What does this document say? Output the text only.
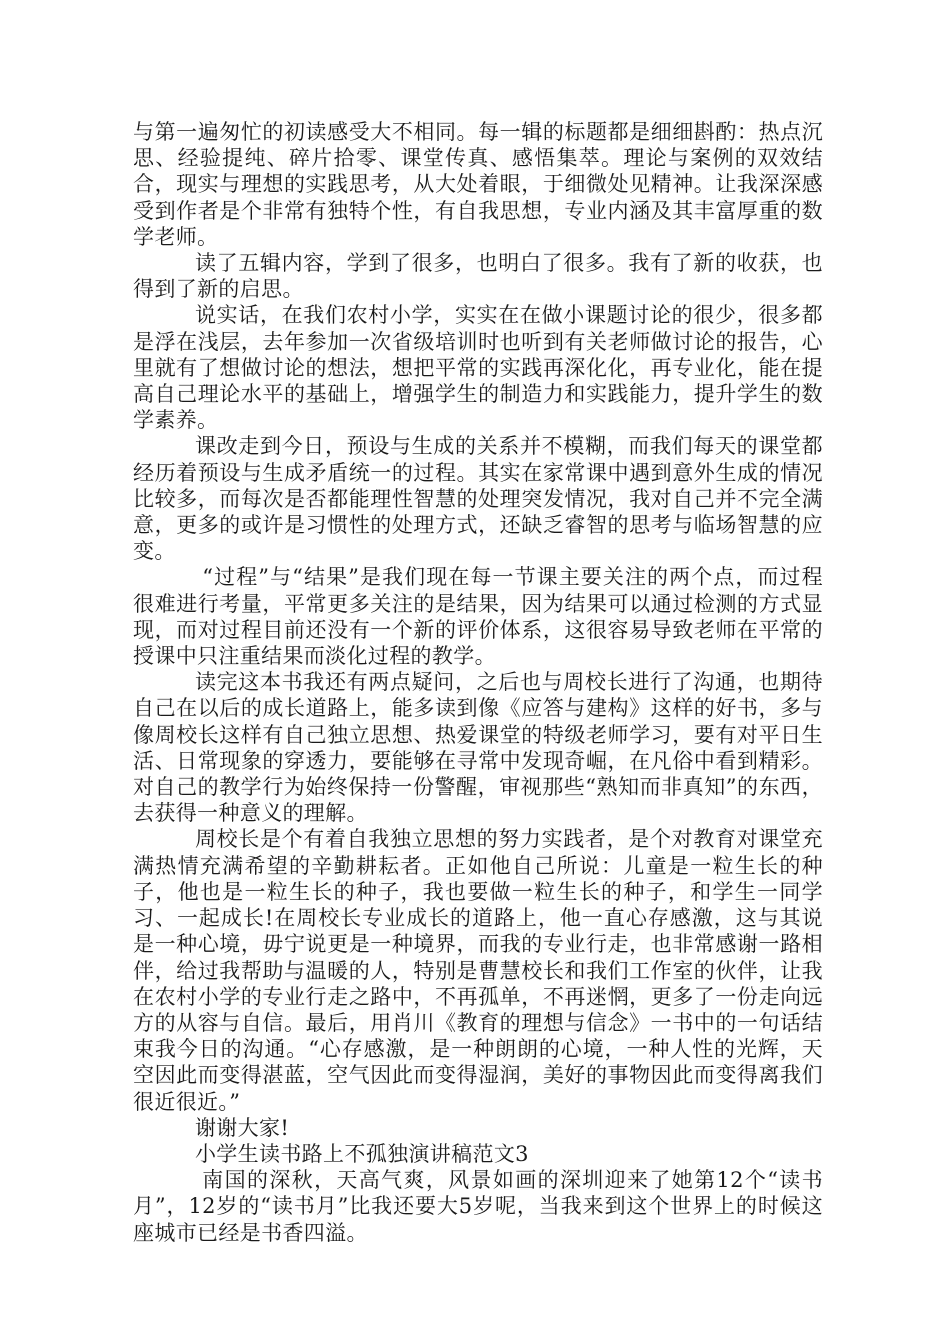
与第一遍匆忙的初读感受大不相同。每一辑的标题都是细细斟酌：热点沉思、经验提纯、碎片拾零、课堂传真、感悟集萃。理论与案例的双效结合，现实与理想的实践思考，从大处着眼，于细微处见精神。让我深深感受到作者是个非常有独特个性，有自我思想，专业内涵及其丰富厚重的数学老师。

读了五辑内容，学到了很多，也明白了很多。我有了新的收获，也得到了新的启思。

说实话，在我们农村小学，实实在在做小课题讨论的很少，很多都是浮在浅层，去年参加一次省级培训时也听到有关老师做讨论的报告，心里就有了想做讨论的想法，想把平常的实践再深化化，再专业化，能在提高自己理论水平的基础上，增强学生的制造力和实践能力，提升学生的数学素养。

课改走到今日，预设与生成的关系并不模糊，而我们每天的课堂都经历着预设与生成矛盾统一的过程。其实在家常课中遇到意外生成的情况比较多，而每次是否都能理性智慧的处理突发情况，我对自己并不完全满意，更多的或许是习惯性的处理方式，还缺乏睿智的思考与临场智慧的应变。

“过程”与“结果”是我们现在每一节课主要关注的两个点，而过程很难进行考量，平常更多关注的是结果，因为结果可以通过检测的方式显现，而对过程目前还没有一个新的评价体系，这很容易导致老师在平常的授课中只注重结果而淡化过程的教学。

读完这本书我还有两点疑问，之后也与周校长进行了沟通，也期待自己在以后的成长道路上，能多读到像《应答与建构》这样的好书，多与像周校长这样有自己独立思想、热爱课堂的特级老师学习，要有对平日生活、日常现象的穿透力，要能够在寻常中发现奇崛，在凡俗中看到精彩。对自己的教学行为始终保持一份警醒，审视那些“熟知而非真知”的东西，去获得一种意义的理解。

周校长是个有着自我独立思想的努力实践者，是个对教育对课堂充满热情充满希望的辛勤耕耘者。正如他自己所说：儿童是一粒生长的种子，他也是一粒生长的种子，我也要做一粒生长的种子，和学生一同学习、一起成长!在周校长专业成长的道路上，他一直心存感激，这与其说是一种心境，毋宁说更是一种境界，而我的专业行走，也非常感谢一路相伴，给过我帮助与温暖的人，特别是曹慧校长和我们工作室的伙伴，让我在农村小学的专业行走之路中，不再孤单，不再迷惘，更多了一份走向远方的从容与自信。最后，用肖川《教育的理想与信念》一书中的一句话结束我今日的沟通。“心存感激，是一种朗朗的心境，一种人性的光辉，天空因此而变得湛蓝，空气因此而变得湿润，美好的事物因此而变得离我们很近很近。”

谢谢大家!

小学生读书路上不孤独演讲稿范文3

南国的深秋，天高气爽，风景如画的深圳迎来了她第12个“读书月”，12岁的“读书月”比我还要大5岁呢，当我来到这个世界上的时候这座城市已经是书香四溢。
